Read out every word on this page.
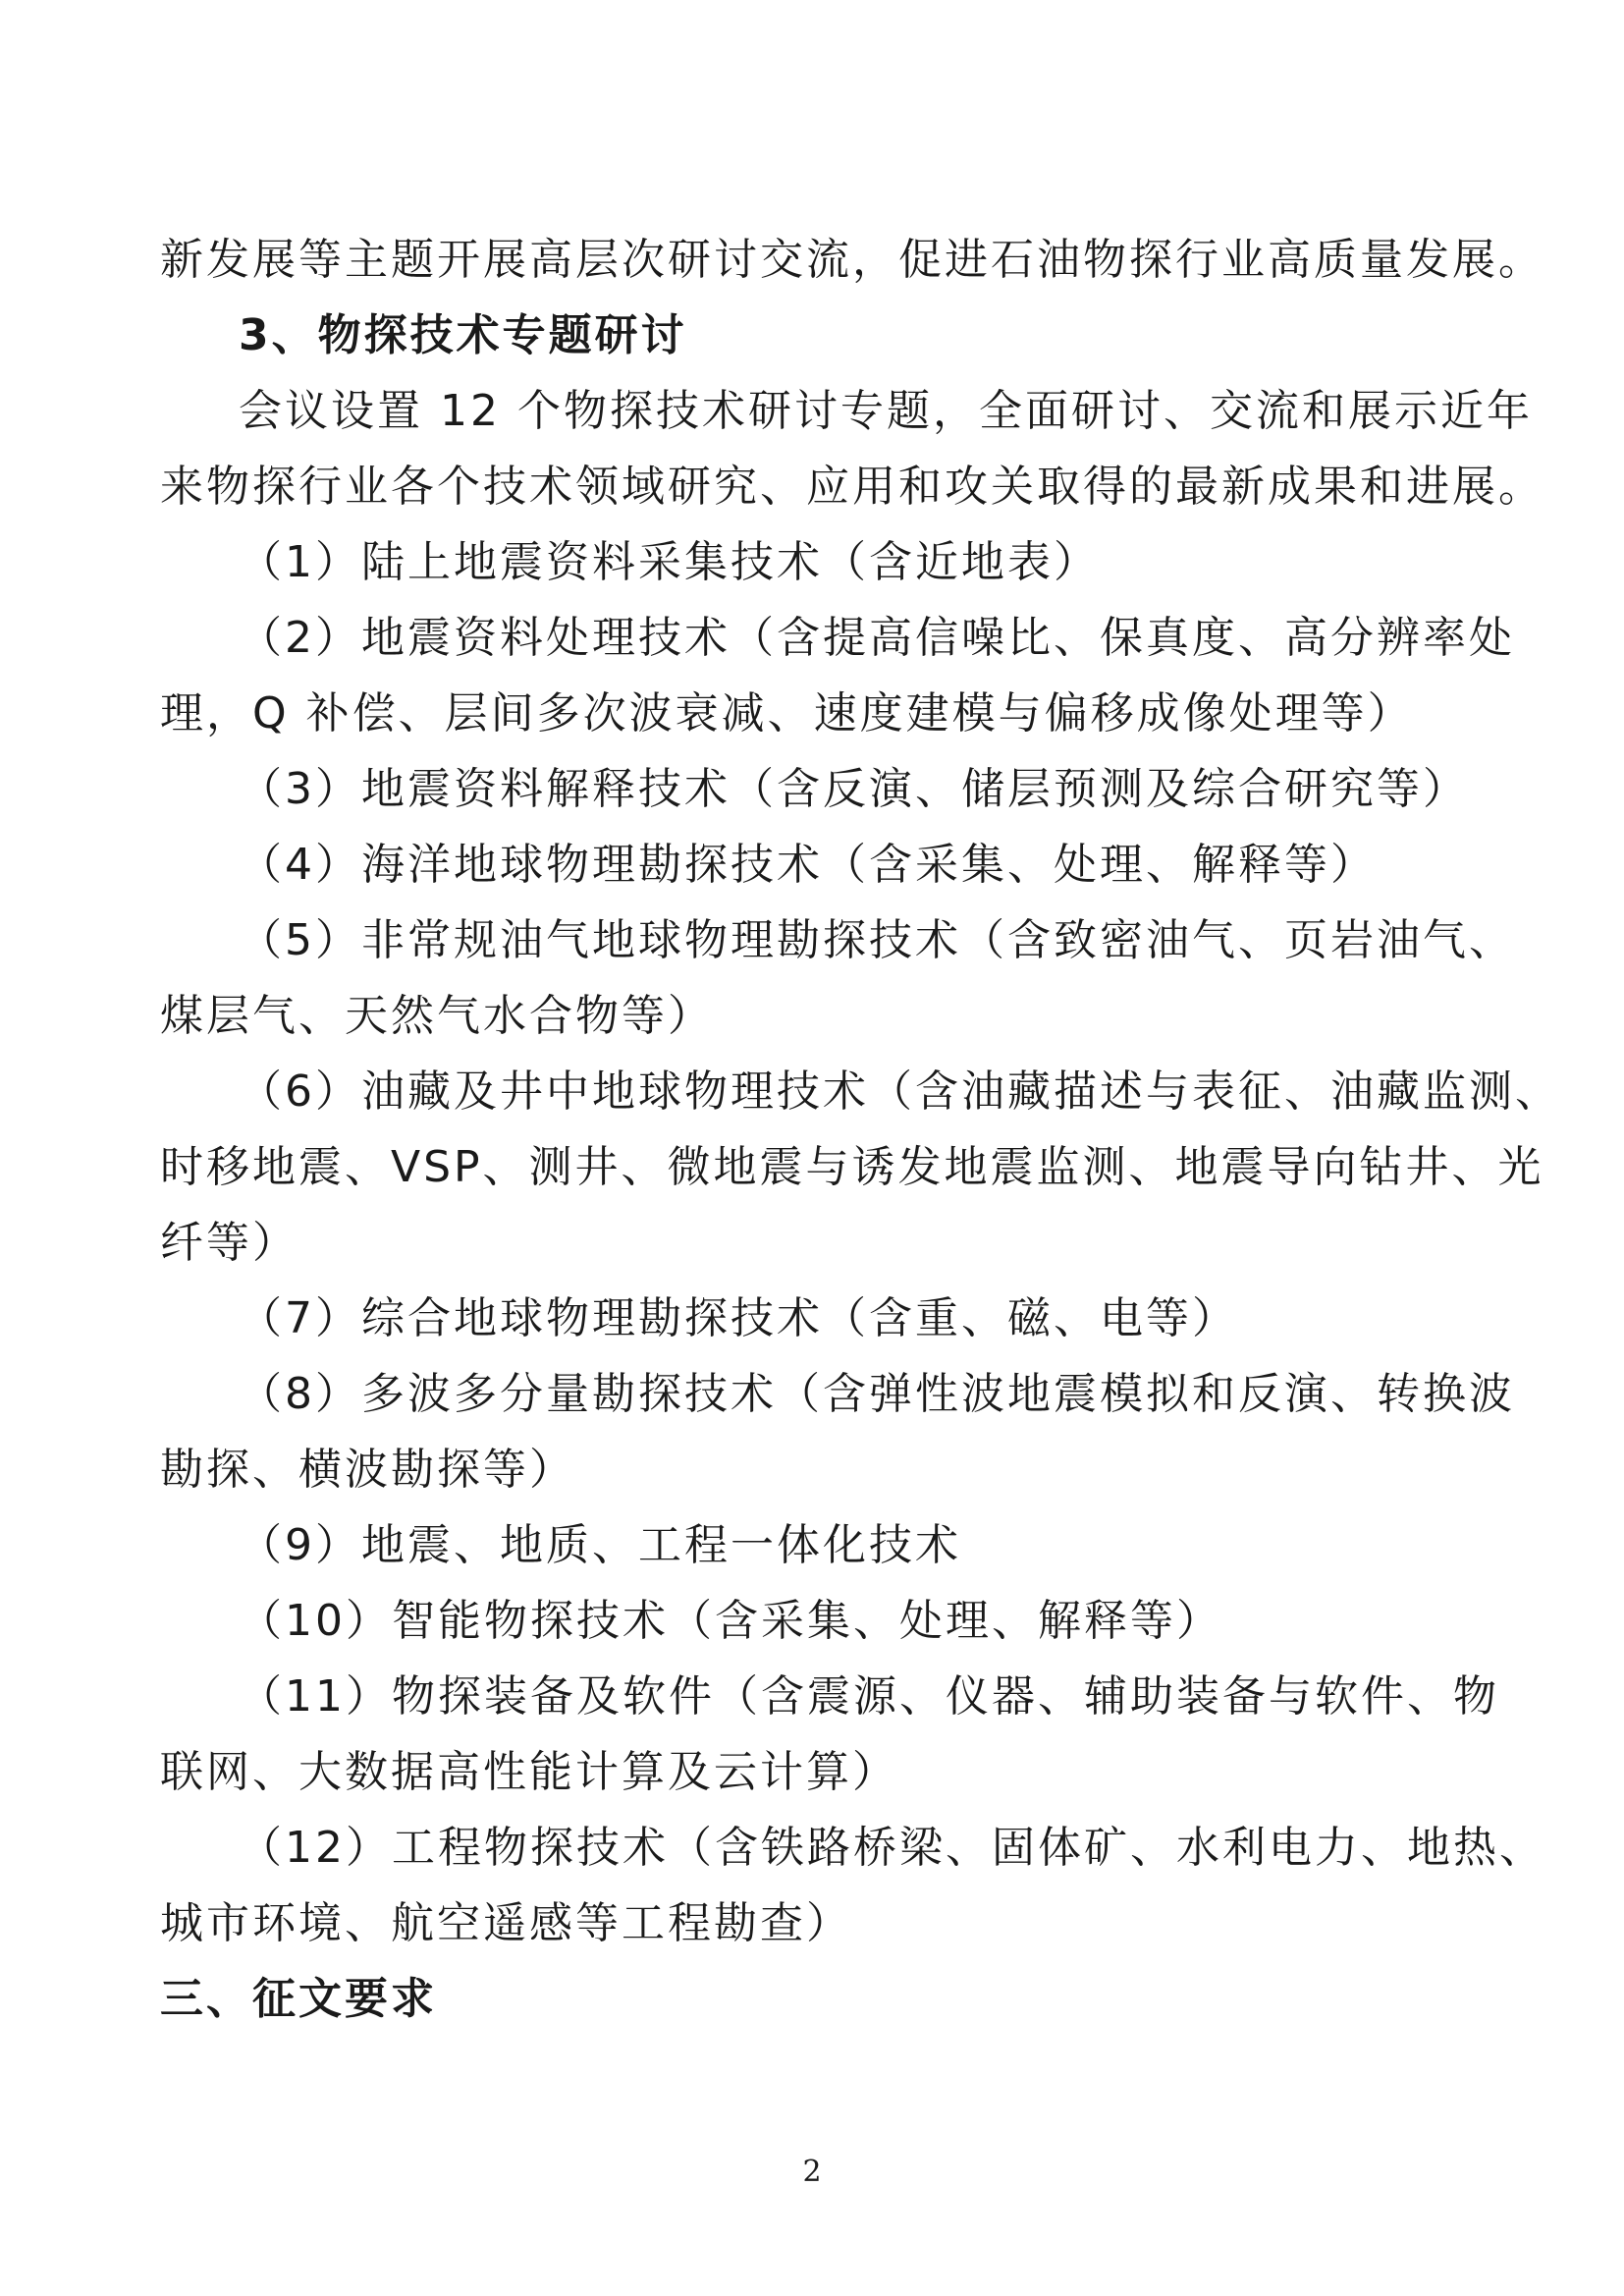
新发展等主题开展高层次研讨交流，促进石油物探行业高质量发展。
3、物探技术专题研讨
会议设置 12 个物探技术研讨专题，全面研讨、交流和展示近年
来物探行业各个技术领域研究、应用和攻关取得的最新成果和进展。
（1）陆上地震资料采集技术（含近地表）
（2）地震资料处理技术（含提高信噪比、保真度、高分辨率处
理，Q 补偿、层间多次波衰减、速度建模与偏移成像处理等）
（3）地震资料解释技术（含反演、储层预测及综合研究等）
（4）海洋地球物理勘探技术（含采集、处理、解释等）
（5）非常规油气地球物理勘探技术（含致密油气、页岩油气、
煤层气、天然气水合物等）
（6）油藏及井中地球物理技术（含油藏描述与表征、油藏监测、
时移地震、VSP、测井、微地震与诱发地震监测、地震导向钻井、光
纤等）
（7）综合地球物理勘探技术（含重、磁、电等）
（8）多波多分量勘探技术（含弹性波地震模拟和反演、转换波
勘探、横波勘探等）
（9）地震、地质、工程一体化技术
（10）智能物探技术（含采集、处理、解释等）
（11）物探装备及软件（含震源、仪器、辅助装备与软件、物
联网、大数据高性能计算及云计算）
（12）工程物探技术（含铁路桥梁、固体矿、水利电力、地热、
城市环境、航空遥感等工程勘查）
三、征文要求
2
